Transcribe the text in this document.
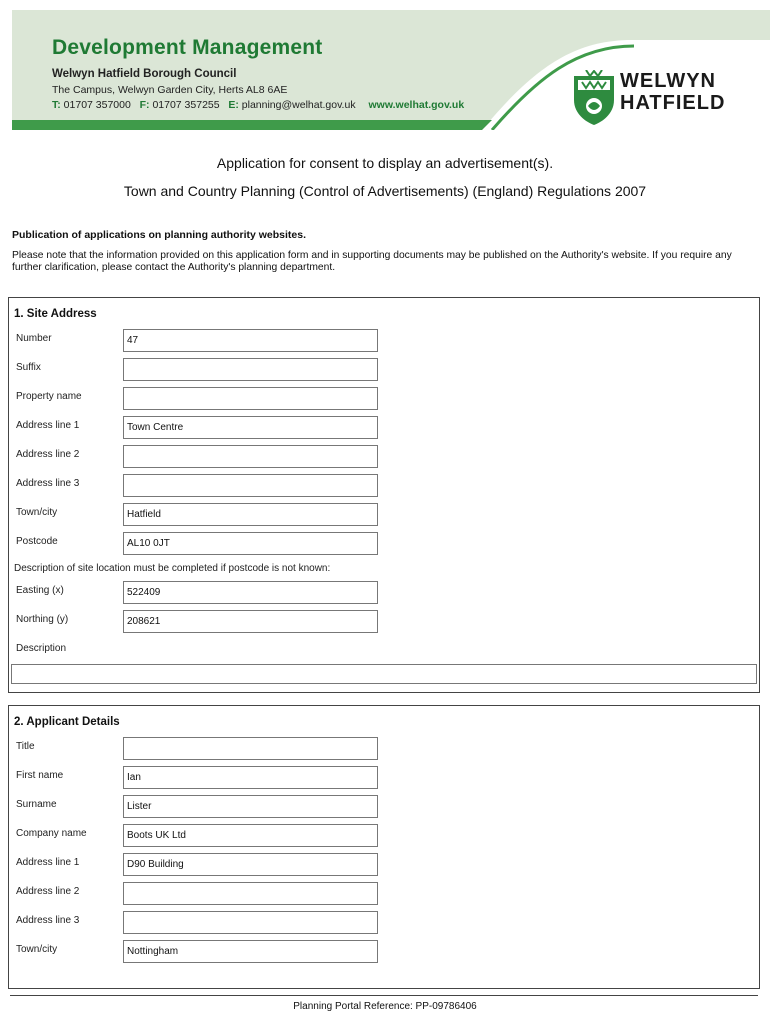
Development Management
Welwyn Hatfield Borough Council
The Campus, Welwyn Garden City, Herts AL8 6AE
T: 01707 357000 F: 01707 357255 E: planning@welhat.gov.uk www.welhat.gov.uk
WELWYN
HATFIELD
Application for consent to display an advertisement(s).
Town and Country Planning (Control of Advertisements) (England) Regulations 2007
Publication of applications on planning authority websites.
Please note that the information provided on this application form and in supporting documents may be published on the Authority's website. If you require any further clarification, please contact the Authority's planning department.
1. Site Address
Number	47
Suffix
Property name
Address line 1	Town Centre
Address line 2
Address line 3
Town/city	Hatfield
Postcode	AL10 0JT
Description of site location must be completed if postcode is not known:
Easting (x)	522409
Northing (y)	208621
Description
2. Applicant Details
Title
First name	Ian
Surname	Lister
Company name	Boots UK Ltd
Address line 1	D90 Building
Address line 2
Address line 3
Town/city	Nottingham
Planning Portal Reference: PP-09786406
